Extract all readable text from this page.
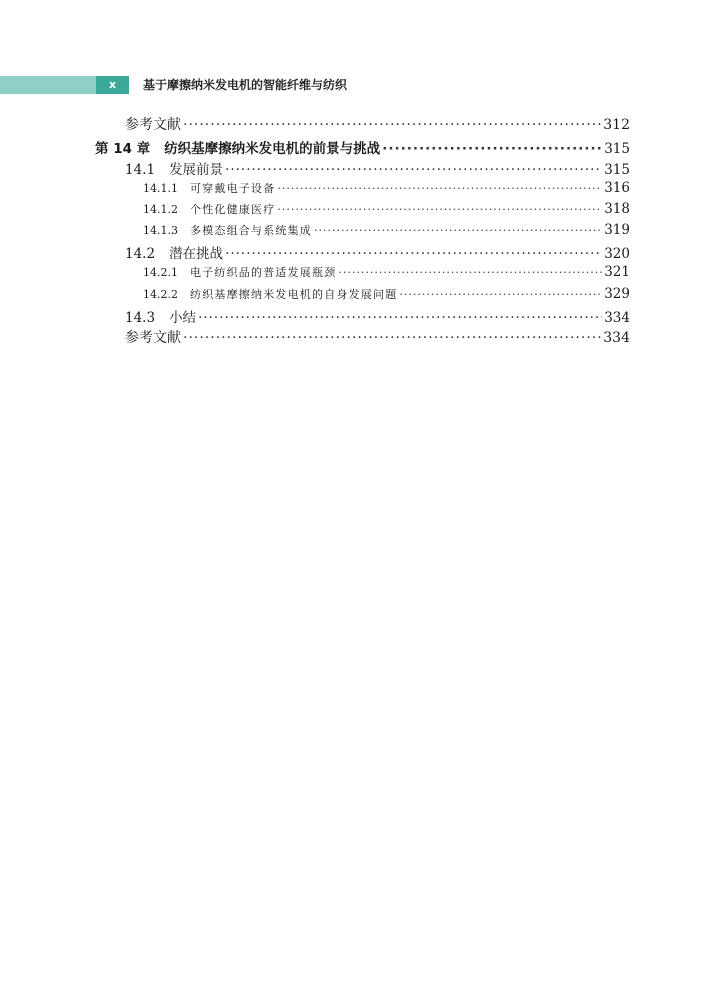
x	基于摩擦纳米发电机的智能纤维与纺织
参考文献 ·····	312
第 14 章 纺织基摩擦纳米发电机的前景与挑战 ·····	315
14.1 发展前景 ·····	315
14.1.1 可穿戴电子设备 ·····	316
14.1.2 个性化健康医疗 ·····	318
14.1.3 多模态组合与系统集成 ·····	319
14.2 潜在挑战 ·····	320
14.2.1 电子纺织品的普适发展瓶颈 ·····	321
14.2.2 纺织基摩擦纳米发电机的自身发展问题 ·····	329
14.3 小结 ·····	334
参考文献 ·····	334
